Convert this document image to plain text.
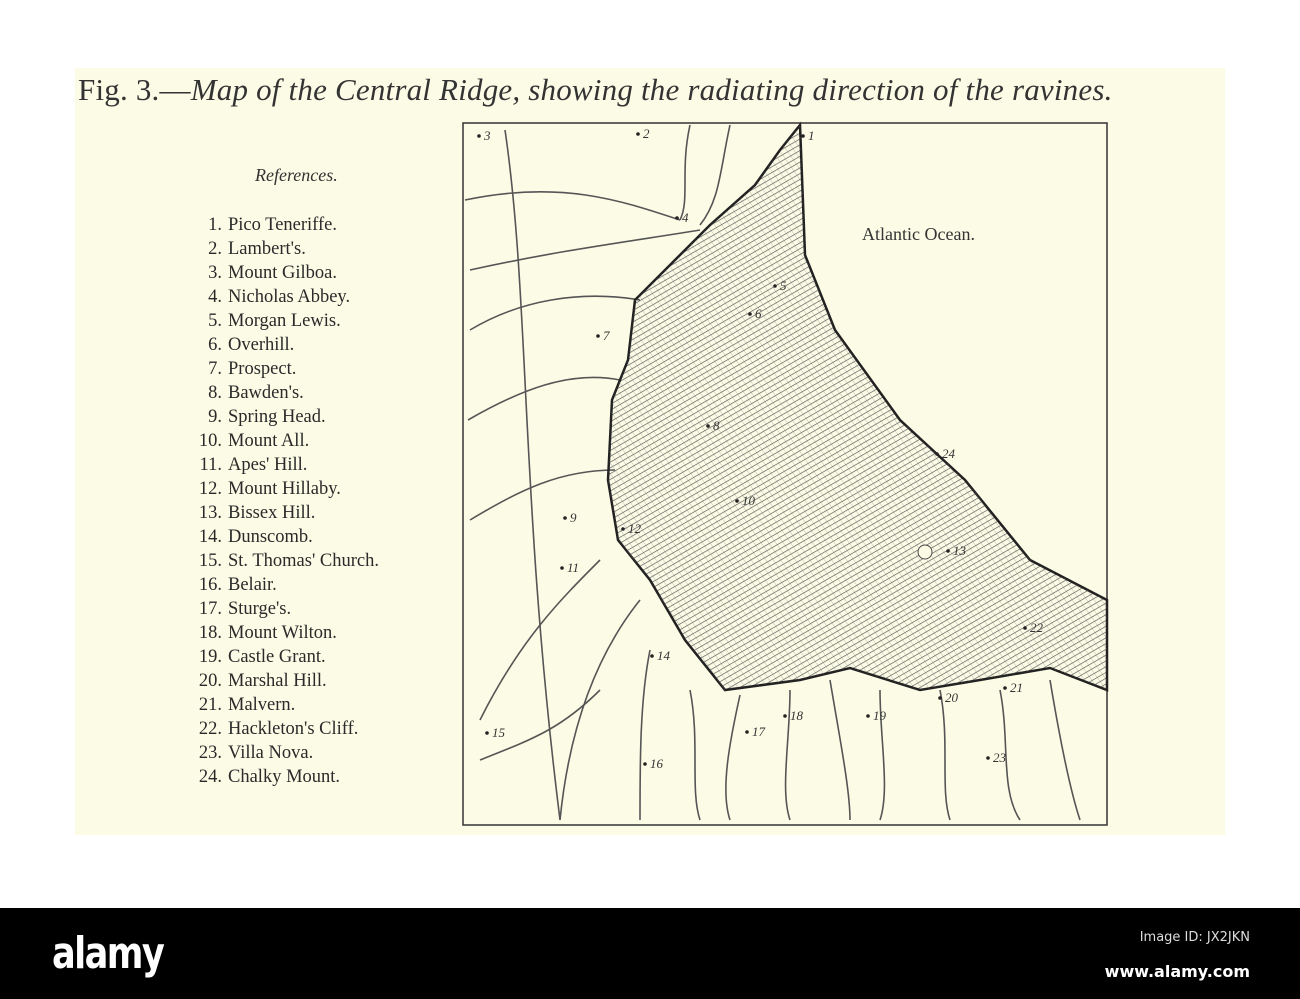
Fig. 3.—Map of the Central Ridge, showing the radiating direction of the ravines.
References.
1. Pico Teneriffe.
2. Lambert's.
3. Mount Gilboa.
4. Nicholas Abbey.
5. Morgan Lewis.
6. Overhill.
7. Prospect.
8. Bawden's.
9. Spring Head.
10. Mount All.
11. Apes' Hill.
12. Mount Hillaby.
13. Bissex Hill.
14. Dunscomb.
15. St. Thomas' Church.
16. Belair.
17. Sturge's.
18. Mount Wilton.
19. Castle Grant.
20. Marshal Hill.
21. Malvern.
22. Hackleton's Cliff.
23. Villa Nova.
24. Chalky Mount.
Atlantic Ocean.
1
2
3
4
5
6
7
8
9
10
11
12
13
14
15
16
17
18	19
20
21
22
23
24
alamy	Image ID: JX2JKN
www.alamy.com
